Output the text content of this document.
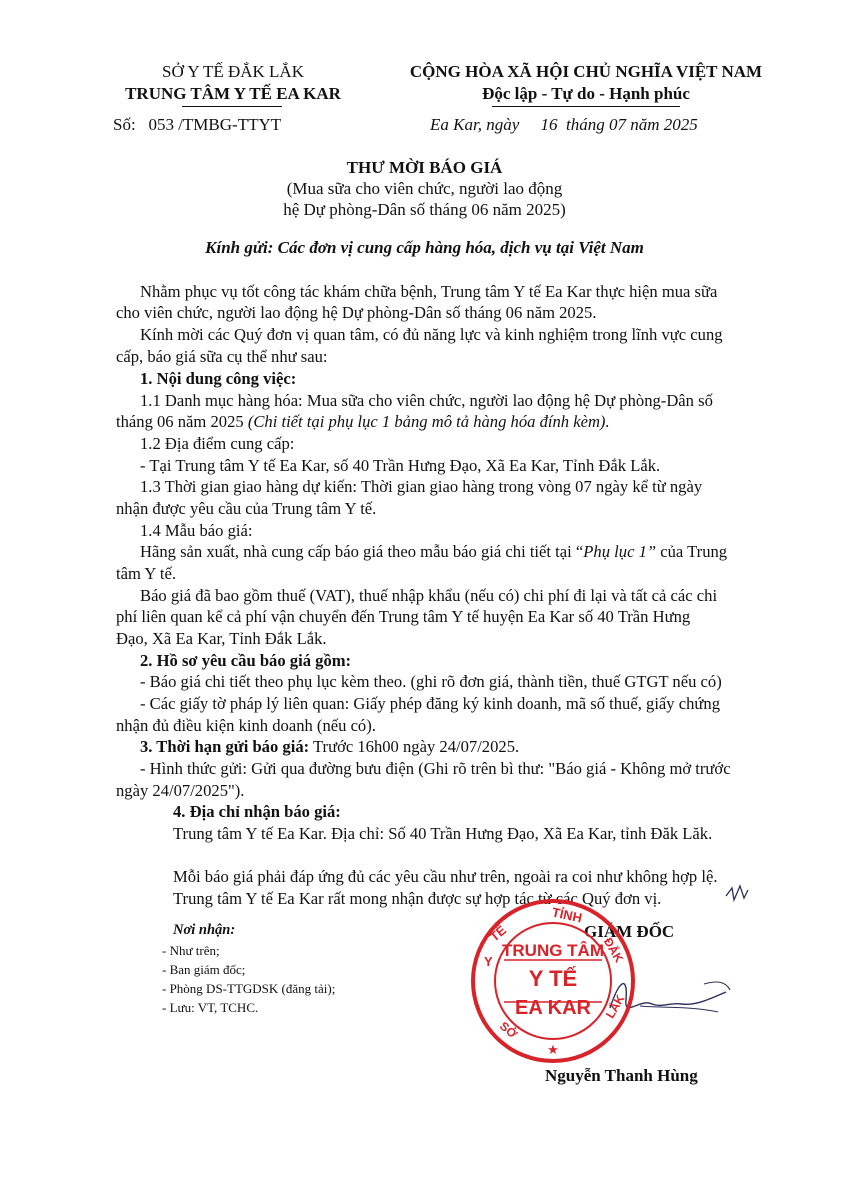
SỞ Y TẾ ĐẮK LẮK
TRUNG TÂM Y TẾ EA KAR
Số: 053 /TMBG-TTYT
CỘNG HÒA XÃ HỘI CHỦ NGHĨA VIỆT NAM
Độc lập - Tự do - Hạnh phúc
Ea Kar, ngày 16 tháng 07 năm 2025
THƯ MỜI BÁO GIÁ
(Mua sữa cho viên chức, người lao động
hệ Dự phòng-Dân số tháng 06 năm 2025)
Kính gửi: Các đơn vị cung cấp hàng hóa, dịch vụ tại Việt Nam
Nhằm phục vụ tốt công tác khám chữa bệnh, Trung tâm Y tế Ea Kar thực hiện mua sữa
cho viên chức, người lao động hệ Dự phòng-Dân số tháng 06 năm 2025.
Kính mời các Quý đơn vị quan tâm, có đủ năng lực và kinh nghiệm trong lĩnh vực cung
cấp, báo giá sữa cụ thể như sau:
1. Nội dung công việc:
1.1 Danh mục hàng hóa: Mua sữa cho viên chức, người lao động hệ Dự phòng-Dân số
tháng 06 năm 2025 (Chi tiết tại phụ lục 1 bảng mô tả hàng hóa đính kèm).
1.2 Địa điểm cung cấp:
- Tại Trung tâm Y tế Ea Kar, số 40 Trần Hưng Đạo, Xã Ea Kar, Tỉnh Đắk Lắk.
1.3 Thời gian giao hàng dự kiến: Thời gian giao hàng trong vòng 07 ngày kể từ ngày
nhận được yêu cầu của Trung tâm Y tế.
1.4 Mẫu báo giá:
Hãng sản xuất, nhà cung cấp báo giá theo mẫu báo giá chi tiết tại “Phụ lục 1” của Trung
tâm Y tế.
Báo giá đã bao gồm thuế (VAT), thuế nhập khẩu (nếu có) chi phí đi lại và tất cả các chi
phí liên quan kể cả phí vận chuyển đến Trung tâm Y tế huyện Ea Kar số 40 Trần Hưng
Đạo, Xã Ea Kar, Tỉnh Đắk Lắk.
2. Hồ sơ yêu cầu báo giá gồm:
- Báo giá chi tiết theo phụ lục kèm theo. (ghi rõ đơn giá, thành tiền, thuế GTGT nếu có)
- Các giấy tờ pháp lý liên quan: Giấy phép đăng ký kinh doanh, mã số thuế, giấy chứng
nhận đủ điều kiện kinh doanh (nếu có).
3. Thời hạn gửi báo giá: Trước 16h00 ngày 24/07/2025.
- Hình thức gửi: Gửi qua đường bưu điện (Ghi rõ trên bì thư: "Báo giá - Không mở trước
ngày 24/07/2025").
4. Địa chỉ nhận báo giá:
Trung tâm Y tế Ea Kar. Địa chỉ: Số 40 Trần Hưng Đạo, Xã Ea Kar, tỉnh Đăk Lăk.
Mỗi báo giá phải đáp ứng đủ các yêu cầu như trên, ngoài ra coi như không hợp lệ.
Trung tâm Y tế Ea Kar rất mong nhận được sự hợp tác từ các Quý đơn vị.
Nơi nhận:
- Như trên;
- Ban giám đốc;
- Phòng DS-TTGDSK (đăng tải);
- Lưu: VT, TCHC.
GIÁM ĐỐC
TỈNH
TRUNG TÂM
Y TẾ
EA KAR
Y
TẾ
ĐẮK
LẮK
SỞ
★
Nguyễn Thanh Hùng
